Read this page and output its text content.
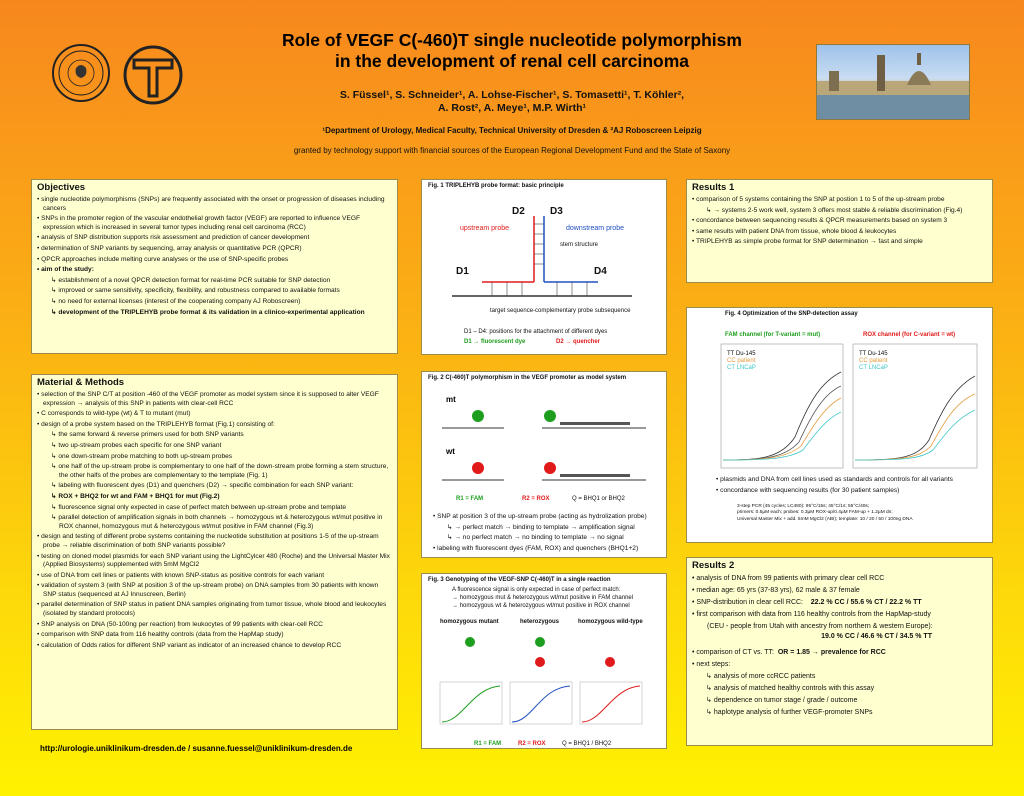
Role of VEGF C(-460)T single nucleotide polymorphism
in the development of renal cell carcinoma
S. Füssel¹, S. Schneider¹, A. Lohse-Fischer¹, S. Tomasetti¹, T. Köhler²,
A. Rost², A. Meye¹, M.P. Wirth¹
¹Department of Urology, Medical Faculty, Technical University of Dresden & ²AJ Roboscreen Leipzig
granted by technology support with financial sources of the European Regional Development Fund and the State of Saxony
Objectives
• single nucleotide polymorphisms (SNPs) are frequently associated with the onset or progression of diseases including cancers
• SNPs in the promoter region of the vascular endothelial growth factor (VEGF) are reported to influence VEGF expression which is increased in several tumor types including renal cell carcinoma (RCC)
• analysis of SNP distribution supports risk assessment and prediction of cancer development
• determination of SNP variants by sequencing, array analysis or quantitative PCR (QPCR)
• QPCR approaches include melting curve analyses or the use of SNP-specific probes
• aim of the study:
↳ establishment of a novel QPCR detection format for real-time PCR suitable for SNP detection
↳ improved or same sensitivity, specificity, flexibility, and robustness compared to available formats
↳ no need for external licenses (interest of the cooperating company AJ Roboscreen)
↳ development of the TRIPLEHYB probe format & its validation in a clinico-experimental application
Material & Methods
• selection of the SNP C/T at position -460 of the VEGF promoter as model system since it is supposed to alter VEGF expression → analysis of this SNP in patients with clear-cell RCC
• C corresponds to wild-type (wt) & T to mutant (mut)
• design of a probe system based on the TRIPLEHYB format (Fig.1) consisting of:
↳ the same forward & reverse primers used for both SNP variants
↳ two up-stream probes each specific for one SNP variant
↳ one down-stream probe matching to both up-stream probes
↳ one half of the up-stream probe is complementary to one half of the down-stream probe forming a stem structure, the other halfs of the probes are complementary to the template (Fig. 1)
↳ labeling with fluorescent dyes (D1) and quenchers (D2) → specific combination for each SNP variant:
↳ ROX + BHQ2 for wt and FAM + BHQ1 for mut (Fig.2)
↳ fluorescence signal only expected in case of perfect match between up-stream probe and template
↳ parallel detection of amplification signals in both channels → homozygous wt & heterozygous wt/mut positive in ROX channel, homozygous mut & heterozygous wt/mut positive in FAM channel (Fig.3)
• design and testing of different probe systems containing the nucleotide substitution at positions 1-5 of the up-stream probe → reliable discrimination of both SNP variants possible?
• testing on cloned model plasmids for each SNP variant using the LightCylcer 480 (Roche) and the Universal Master Mix (Applied Biosystems) supplemented with 5mM MgCl2
• use of DNA from cell lines or patients with known SNP-status as positive controls for each variant
• validation of system 3 (with SNP at position 3 of the up-stream probe) on DNA samples from 30 patients with known SNP status (sequenced at AJ Innuscreen, Berlin)
• parallel determination of SNP status in patient DNA samples originating from tumor tissue, whole blood and leukocytes (isolated by standard protocols)
• SNP analysis on DNA (50-100ng per reaction) from leukocytes of 99 patients with clear-cell RCC
• comparison with SNP data from 116 healthy controls (data from the HapMap study)
• calculation of Odds ratios for different SNP variant as indicator of an increased chance to develop RCC
Fig. 1 TRIPLEHYB probe format: basic principle
D2	D3
D1	D4
upstream probe	downstream probe
stem structure
target sequence-complementary probe subsequence
D1 – D4: positions for the attachment of different dyes
D1 → fluorescent dye	D2 → quencher
Fig. 2 C(-460)T polymorphism in the VEGF promoter as model system
mt
wt
R1 = FAM	R2 = ROX	Q = BHQ1 or BHQ2
• SNP at position 3 of the up-stream probe (acting as hydrolization probe)
↳ → perfect match → binding to template → amplification signal
↳ → no perfect match → no binding to template → no signal
• labeling with fluorescent dyes (FAM, ROX) and quenchers (BHQ1+2)
Fig. 3 Genotyping of the VEGF-SNP C(-460)T in a single reaction
A fluorescence signal is only expected in case of perfect match:
→ homozygous mut & heterozygous wt/mut positive in FAM channel
→ homozygous wt & heterozygous wt/mut positive in ROX channel
homozygous mutant	heterozygous	homozygous wild-type
R1 = FAM	R2 = ROX	Q = BHQ1 / BHQ2
Results 1
• comparison of 5 systems containing the SNP at postion 1 to 5 of the up-stream probe
↳ → systems 2-5 work well, system 3 offers most stable & reliable discrimination (Fig.4)
• concordance between sequencing results & QPCR measurements based on system 3
• same results with patient DNA from tissue, whole blood & leukocytes
• TRIPLEHYB as simple probe format for SNP determination → fast and simple
Fig. 4 Optimization of the SNP-detection assay
FAM channel (for T-variant = mut)	ROX channel (for C-variant = wt)
TT Du-145
CC patient
CT LNCaP
TT Du-145
CC patient
CT LNCaP
• plasmids and DNA from cell lines used as standards and controls for all variants
• concordance with sequencing results (for 30 patient samples)
3-step PCR (45 cycles; LC480): 95°C/15s; 45°C/1s; 55°C/40s;
primers: 0.5µM each; probes: 0.3µM ROX-up/0.4µM FAM-up + 1.2µM dn;
Universal Master Mix + add. 5mM MgCl2 (ABI); template: 10 / 20 / 50 / 100ng DNA
Results 2
• analysis of DNA from 99 patients with primary clear cell RCC
• median age: 65 yrs (37-83 yrs), 62 male & 37 female
• SNP-distribution in clear cell RCC: 22.2 % CC / 55.6 % CT / 22.2 % TT
• first comparison with data from 116 healthy controls from the HapMap-study
(CEU - people from Utah with ancestry from northern & western Europe):
19.0 % CC / 46.6 % CT / 34.5 % TT
• comparison of CT vs. TT: OR = 1.85 → prevalence for RCC
• next steps:
↳ analysis of more ccRCC patients
↳ analysis of matched healthy controls with this assay
↳ dependence on tumor stage / grade / outcome
↳ haplotype analysis of further VEGF-promoter SNPs
http://urologie.uniklinikum-dresden.de / susanne.fuessel@uniklinikum-dresden.de
